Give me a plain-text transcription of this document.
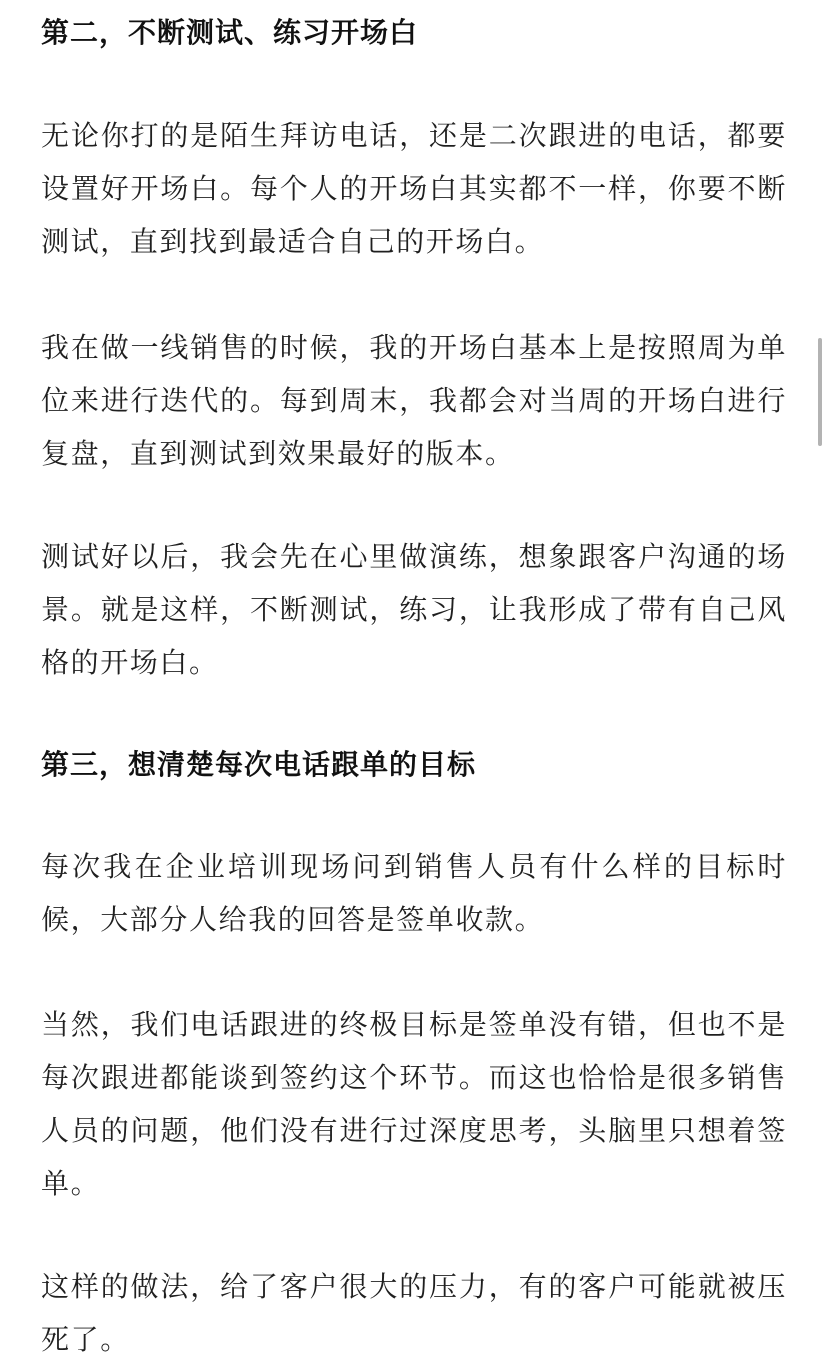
第二，不断测试、练习开场白

无论你打的是陌生拜访电话，还是二次跟进的电话，都要设置好开场白。每个人的开场白其实都不一样，你要不断测试，直到找到最适合自己的开场白。

我在做一线销售的时候，我的开场白基本上是按照周为单位来进行迭代的。每到周末，我都会对当周的开场白进行复盘，直到测试到效果最好的版本。

测试好以后，我会先在心里做演练，想象跟客户沟通的场景。就是这样，不断测试，练习，让我形成了带有自己风格的开场白。

第三，想清楚每次电话跟单的目标

每次我在企业培训现场问到销售人员有什么样的目标时候，大部分人给我的回答是签单收款。

当然，我们电话跟进的终极目标是签单没有错，但也不是每次跟进都能谈到签约这个环节。而这也恰恰是很多销售人员的问题，他们没有进行过深度思考，头脑里只想着签单。

这样的做法，给了客户很大的压力，有的客户可能就被压死了。
